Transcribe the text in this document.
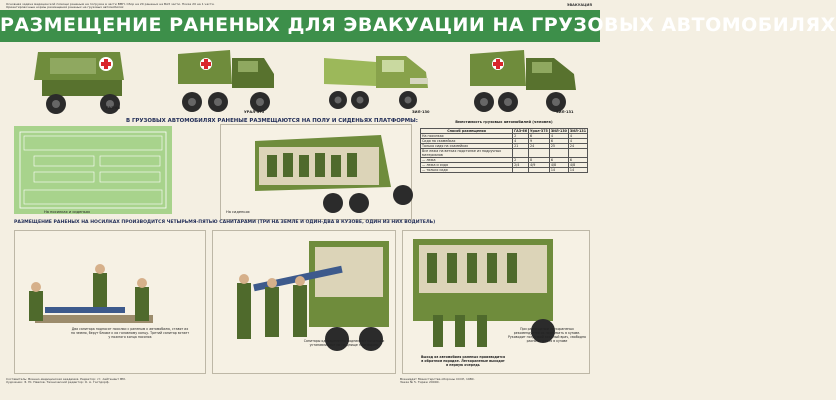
Основная задача медицинской помощи раненым на погрузке в части ВМП. Сбор на 20 раненых на ВАЗ части. Показ 20 на 1 части.
Ориентировочные нормы размещения раненых на грузовых автомобилях
ЭВАКУАЦИЯ
РАЗМЕЩЕНИЕ РАНЕНЫХ ДЛЯ ЭВАКУАЦИИ НА ГРУЗОВЫХ АВТОМОБИЛЯХ
ГАЗ-66
УРАЛ-375	ЗИЛ-130	ЗИЛ-131
В ГРУЗОВЫХ АВТОМОБИЛЯХ РАНЕНЫЕ РАЗМЕЩАЮТСЯ НА ПОЛУ И СИДЕНЬЯХ ПЛАТФОРМЫ:
На носилках и сиденьях	На сиденьях
Вместимость грузовых автомобилей (человек)
Способ размещения	ГАЗ-66	Урал-375	ЗИЛ-130	ЗИЛ-131
На носилках	2	6	4	4
Сидя на скамейках	4	9	6	4
Только сидя на скамейках	21	24	25	24
Все лежа на ветках подстилке из подручных материалов				
— лежа	2	8	6	6
— лежа и сидя	2/4	4/9	4/8	4/8
— только сидя			14	14
РАЗМЕЩЕНИЕ РАНЕНЫХ НА НОСИЛКАХ ПРОИЗВОДИТСЯ ЧЕТЫРЬМЯ-ПЯТЬЮ САНИТАРАМИ (ТРИ НА ЗЕМЛЕ И ОДИН-ДВА В КУЗОВЕ, ОДИН ИЗ НИХ ВОДИТЕЛЬ)
Два санитара подносят носилки с раненым к автомобилю, ставят их на землю, берут ближе к их головному концу. Третий санитар встает у ножного конца носилок
Санитары одновременно поднимают носилки и устанавливают их на днище платформы
Выход из автомобиля раненых производится в обратном порядке. Легкораненые выходят в первую очередь
При размещении легкораненых рекомендуется их поднимать в кузове. Руководит погрузкой военный врач, свободно располагаются в кузове
Составитель: Военно-медицинская академия. Редактор: ст. лейтенант ВМ.
Художник: Э. Ю. Павлов. Технический редактор: О. А. Гастдорф.
Воениздат Министерства обороны СССР, 1980.
Заказ № 5. Тираж 20000.
